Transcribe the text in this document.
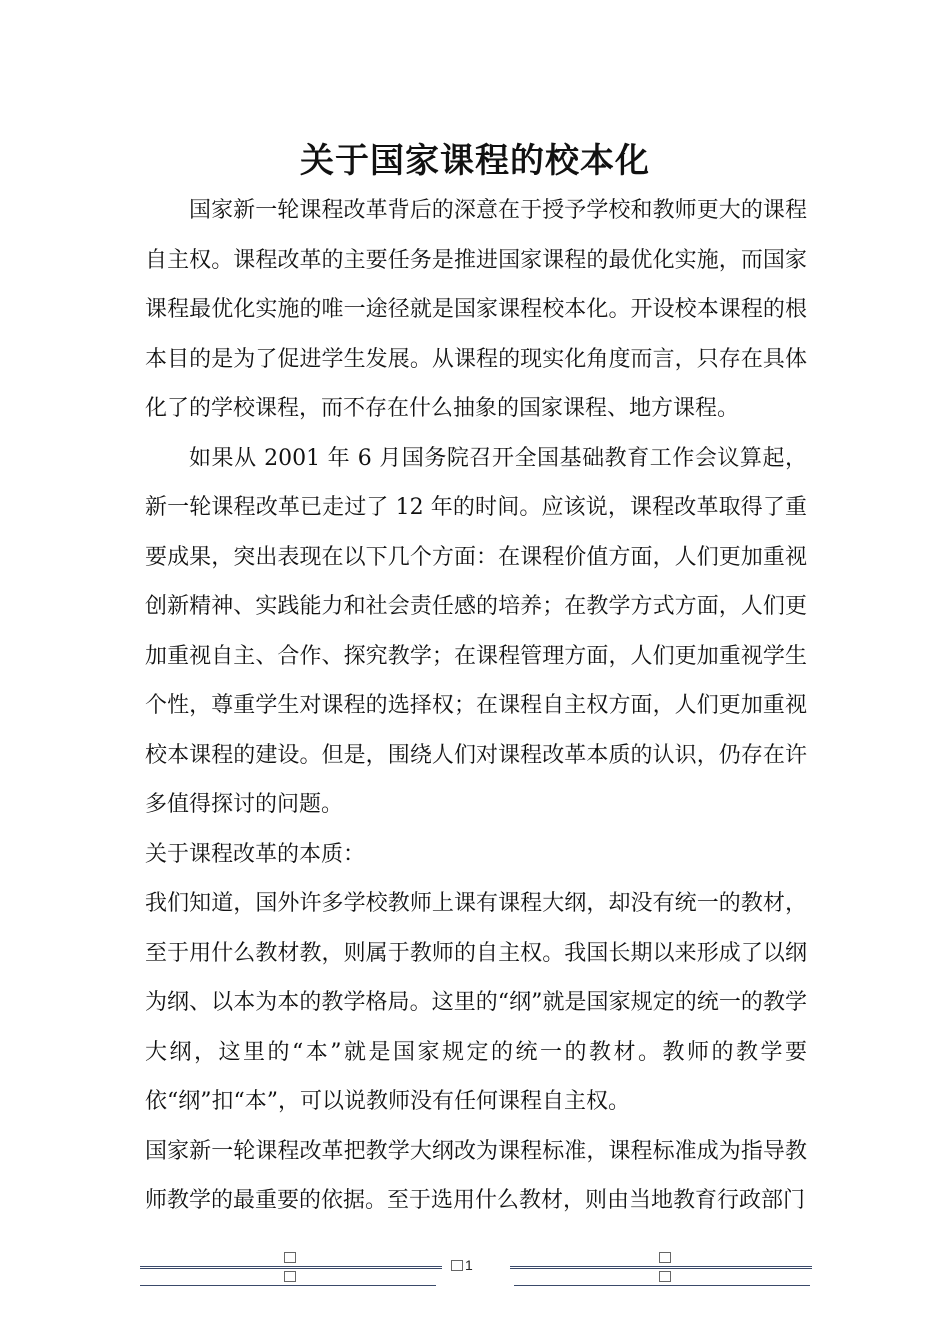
关于国家课程的校本化

国家新一轮课程改革背后的深意在于授予学校和教师更大的课程自主权。课程改革的主要任务是推进国家课程的最优化实施，而国家课程最优化实施的唯一途径就是国家课程校本化。开设校本课程的根本目的是为了促进学生发展。从课程的现实化角度而言，只存在具体化了的学校课程，而不存在什么抽象的国家课程、地方课程。

如果从 2001 年 6 月国务院召开全国基础教育工作会议算起，新一轮课程改革已走过了 12 年的时间。应该说，课程改革取得了重要成果，突出表现在以下几个方面：在课程价值方面，人们更加重视创新精神、实践能力和社会责任感的培养；在教学方式方面，人们更加重视自主、合作、探究教学；在课程管理方面，人们更加重视学生个性，尊重学生对课程的选择权；在课程自主权方面，人们更加重视校本课程的建设。但是，围绕人们对课程改革本质的认识，仍存在许多值得探讨的问题。

关于课程改革的本质：

我们知道，国外许多学校教师上课有课程大纲，却没有统一的教材，至于用什么教材教，则属于教师的自主权。我国长期以来形成了以纲为纲、以本为本的教学格局。这里的“纲”就是国家规定的统一的教学大纲，这里的“本”就是国家规定的统一的教材。教师的教学要依“纲”扣“本”，可以说教师没有任何课程自主权。

国家新一轮课程改革把教学大纲改为课程标准，课程标准成为指导教师教学的最重要的依据。至于选用什么教材，则由当地教育行政部门

1
